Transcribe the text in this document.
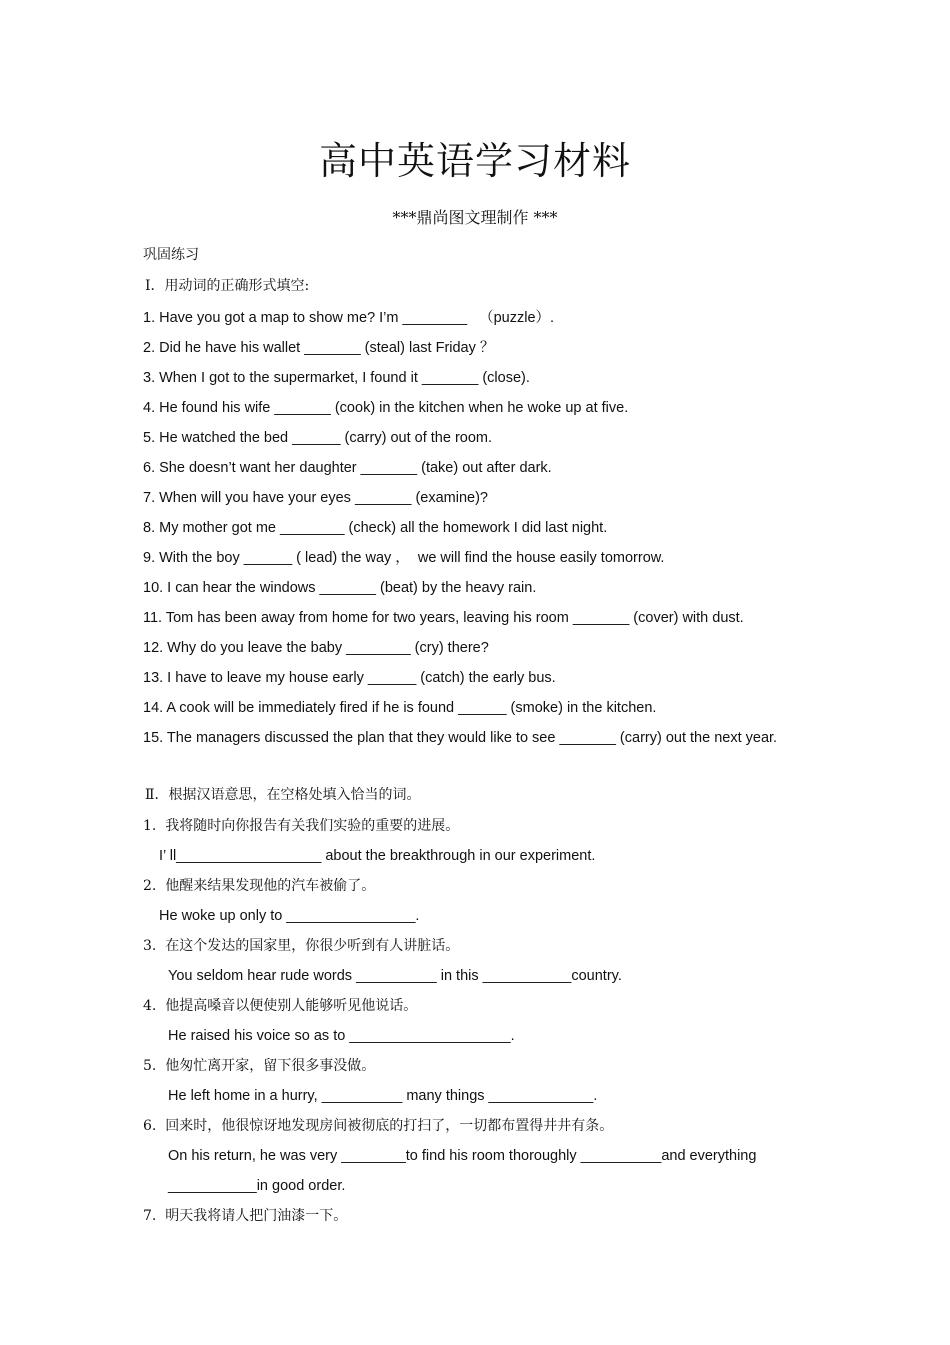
高中英语学习材料
***鼎尚图文理制作 ***
巩固练习
Ⅰ．用动词的正确形式填空:
1. Have you got a map to show me? I’m ________   （puzzle）.
2. Did he have his wallet _______ (steal) last Friday ？
3. When I got to the supermarket, I found it _______ (close).
4. He found his wife _______ (cook) in the kitchen when he woke up at five.
5. He watched the bed ______ (carry) out of the room.
6. She doesn’t want her daughter _______ (take) out after dark.
7. When will you have your eyes _______ (examine)?
8. My mother got me ________ (check) all the homework I did last night.
9. With the boy ______ ( lead) the way ，  we will find the house easily tomorrow.
10. I can hear the windows _______ (beat) by the heavy rain.
11. Tom has been away from home for two years, leaving his room _______ (cover) with dust.
12. Why do you leave the baby ________ (cry) there?
13. I have to leave my house early ______ (catch) the early bus.
14. A cook will be immediately fired if he is found ______ (smoke) in the kitchen.
15. The managers discussed the plan that they would like to see _______ (carry) out the next year.
Ⅱ．根据汉语意思，在空格处填入恰当的词。
1.  我将随时向你报告有关我们实验的重要的进展。
I’ ll__________________ about the breakthrough in our experiment.
2.  他醒来结果发现他的汽车被偷了。
He woke up only to ________________.
3.  在这个发达的国家里，你很少听到有人讲脏话。
You seldom hear rude words __________ in this ___________country.
4.  他提高嗓音以便使别人能够听见他说话。
He raised his voice so as to ____________________.
5.  他匆忙离开家，留下很多事没做。
He left home in a hurry, __________ many things _____________.
6.  回来时，他很惊讶地发现房间被彻底的打扫了，一切都布置得井井有条。
On his return, he was very ________to find his room thoroughly __________and everything
___________in good order.
7.  明天我将请人把门油漆一下。
